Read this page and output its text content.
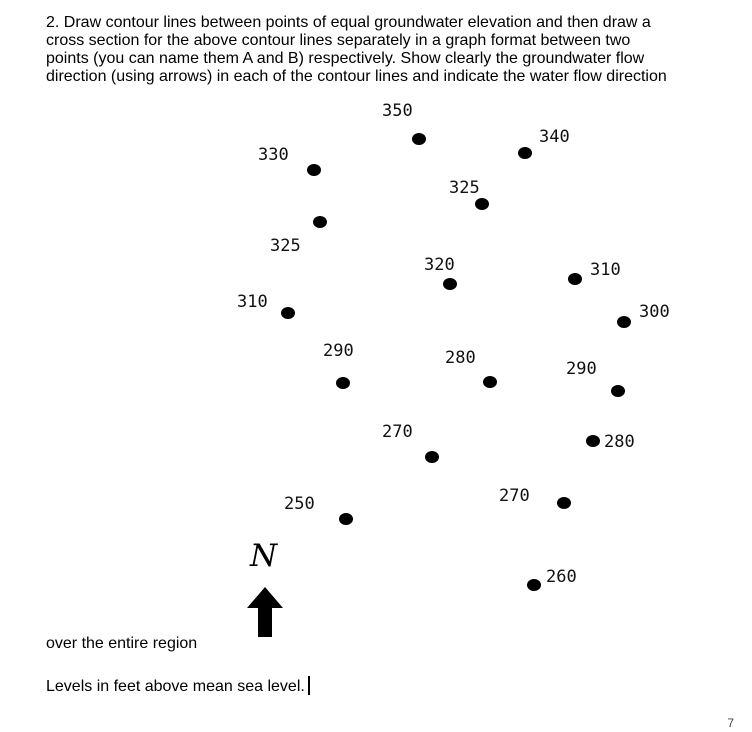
2. Draw contour lines between points of equal groundwater elevation and then draw a
cross section for the above contour lines separately in a graph format between two
points (you can name them A and B) respectively. Show clearly the groundwater flow
direction (using arrows) in each of the contour lines and indicate the water flow direction

350
340
330
325
325
320	310
310	300
290	280
290
270	280
250	270
260
N
over the entire region
Levels in feet above mean sea level.
7
